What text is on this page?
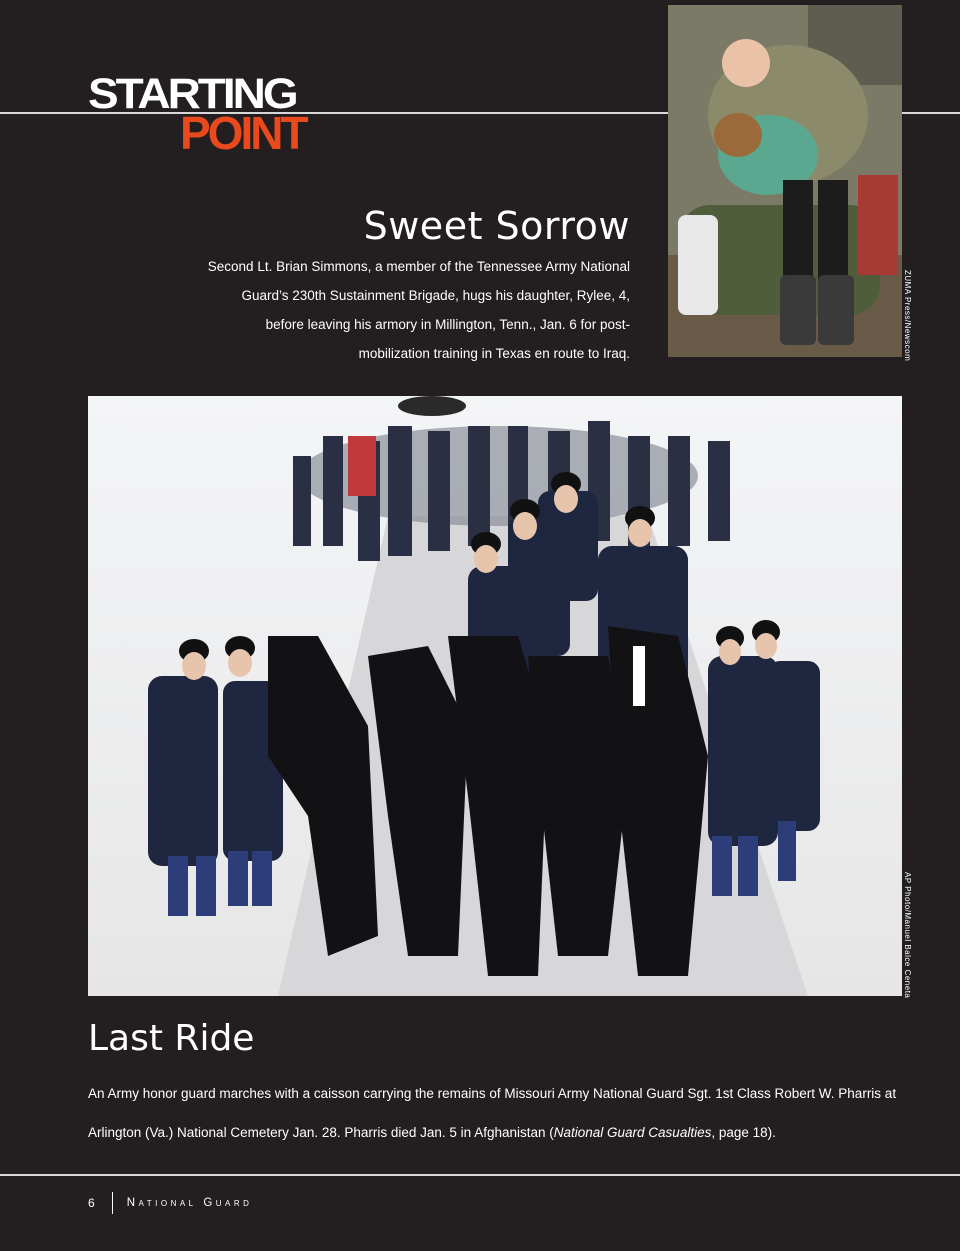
STARTING
POINT
ZUMA Press/Newscom
Sweet Sorrow
Second Lt. Brian Simmons, a member of the Tennessee Army National Guard’s 230th Sustainment Brigade, hugs his daughter, Rylee, 4, before leaving his armory in Millington, Tenn., Jan. 6 for post-mobilization training in Texas en route to Iraq.
AP Photo/Manuel Balce Ceneta
Last Ride
An Army honor guard marches with a caisson carrying the remains of Missouri Army National Guard Sgt. 1st Class Robert W. Pharris at Arlington (Va.) National Cemetery Jan. 28. Pharris died Jan. 5 in Afghanistan (National Guard Casualties, page 18).
6	National Guard
